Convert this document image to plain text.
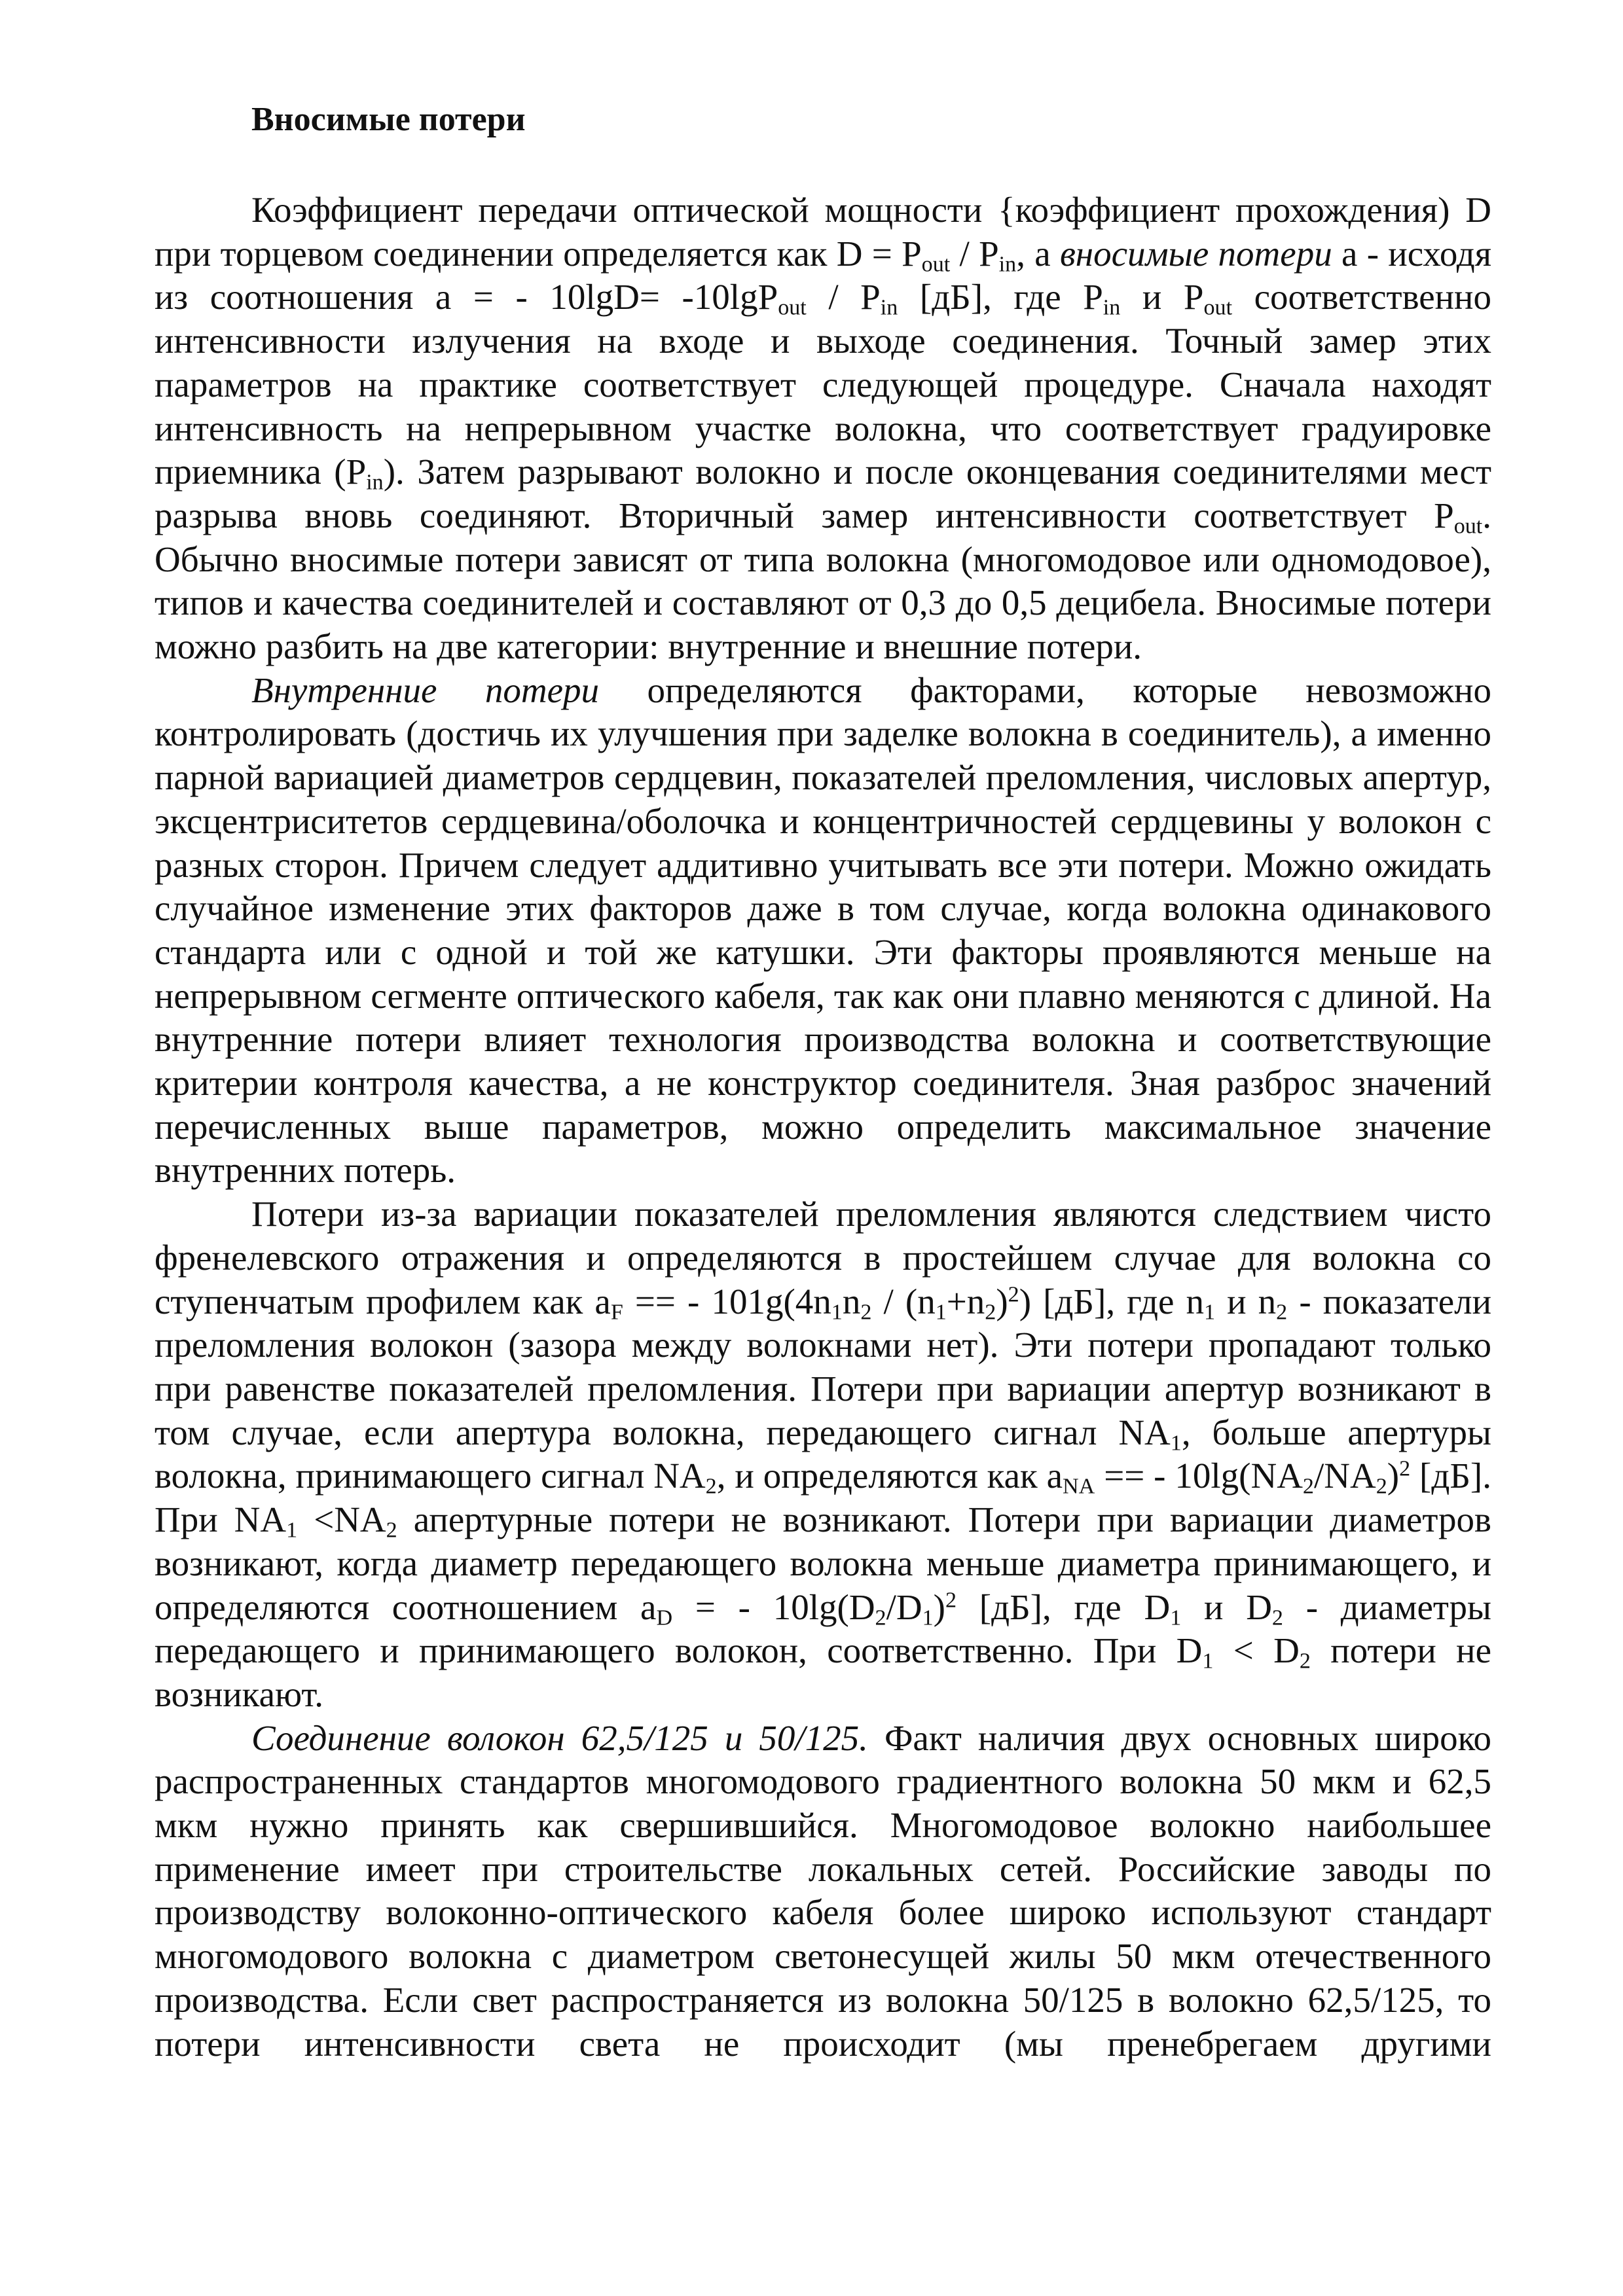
Вносимые потери

Коэффициент передачи оптической мощности {коэффициент прохождения) D при торцевом соединении определяется как $D = P_{out} / P_{in}$, а вносимые потери а - исходя из соотношения а = - $10\lg D= -10\lg P_{out} / P_{in}$ [дБ], где $P_{in}$ и $P_{out}$ соответственно интенсивности излучения на входе и выходе соединения. Точный замер этих параметров на практике соответствует следующей процедуре. Сначала находят интенсивность на непрерывном участке волокна, что соответствует градуировке приемника $(P_{in})$. Затем разрывают волокно и после оконцевания соединителями мест разрыва вновь соединяют. Вторичный замер интенсивности соответствует $P_{out}$. Обычно вносимые потери зависят от типа волокна (многомодовое или одномодовое), типов и качества соединителей и составляют от 0,3 до 0,5 децибела. Вносимые потери можно разбить на две категории: внутренние и внешние потери.

Внутренние потери определяются факторами, которые невозможно контролировать (достичь их улучшения при заделке волокна в соединитель), а именно парной вариацией диаметров сердцевин, показателей преломления, числовых апертур, эксцентриситетов сердцевина/оболочка и концентричностей сердцевины у волокон с разных сторон. Причем следует аддитивно учитывать все эти потери. Можно ожидать случайное изменение этих факторов даже в том случае, когда волокна одинакового стандарта или с одной и той же катушки. Эти факторы проявляются меньше на непрерывном сегменте оптического кабеля, так как они плавно меняются с длиной. На внутренние потери влияет технология производства волокна и соответствующие критерии контроля качества, а не конструктор соединителя. Зная разброс значений перечисленных выше параметров, можно определить максимальное значение внутренних потерь.

Потери из-за вариации показателей преломления являются следствием чисто френелевского отражения и определяются в простейшем случае для волокна со ступенчатым профилем как $а_F$ == - $101g(4n_1n_2 / (n_1+n_2)^2)$ [дБ], где $n_1$ и $n_2$ - показатели преломления волокон (зазора между волокнами нет). Эти потери пропадают только при равенстве показателей преломления. Потери при вариации апертур возникают в том случае, если апертура волокна, передающего сигнал $NA_1$, больше апертуры волокна, принимающего сигнал $NA_2$, и определяются как $а_{NA}$ == - $10\lg(NA_2/NA_2)^2$ [дБ]. При $NA_1 <NA_2$ апертурные потери не возникают. Потери при вариации диаметров возникают, когда диаметр передающего волокна меньше диаметра принимающего, и определяются соотношением $а_D$ = - $10\lg(D_2/D_1)^2$ [дБ], где $D_1$ и $D_2$ - диаметры передающего и принимающего волокон, соответственно. При $D_1 < D_2$ потери не возникают.

Соединение волокон 62,5/125 и 50/125. Факт наличия двух основных широко распространенных стандартов многомодового градиентного волокна 50 мкм и 62,5 мкм нужно принять как свершившийся. Многомодовое волокно наибольшее применение имеет при строительстве локальных сетей. Российские заводы по производству волоконно-оптического кабеля более широко используют стандарт многомодового волокна с диаметром светонесущей жилы 50 мкм отечественного производства. Если свет распространяется из волокна 50/125 в волокно 62,5/125, то потери интенсивности света не происходит (мы пренебрегаем другими
